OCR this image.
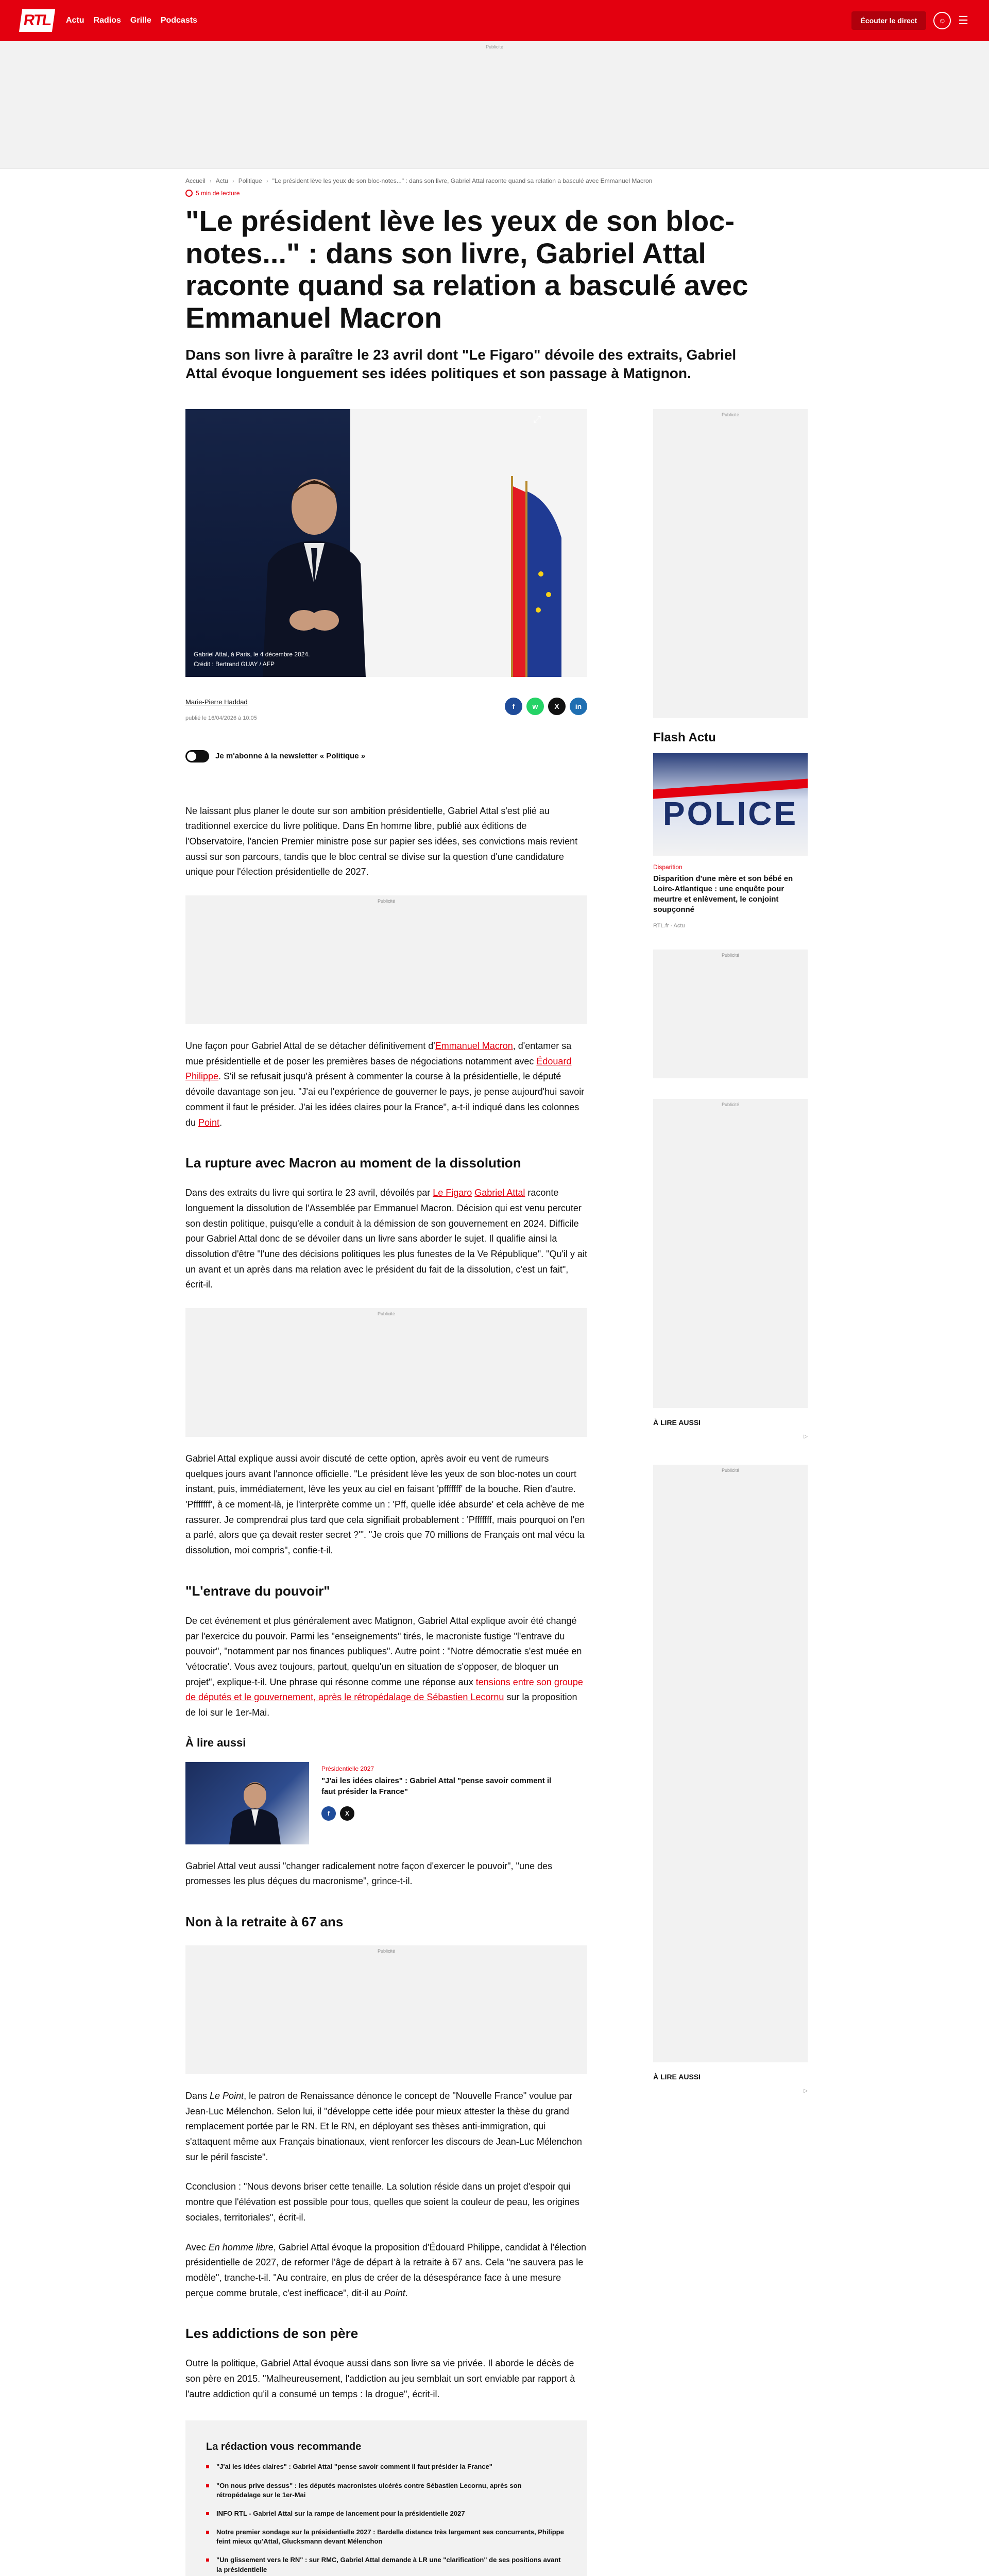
RTL	Actu Radios Grille Podcasts	Écouter le direct	☺	☰
Publicité
Accueil › Actu › Politique › "Le président lève les yeux de son bloc-notes..." : dans son livre, Gabriel Attal raconte quand sa relation a basculé avec Emmanuel Macron
5 min de lecture
"Le président lève les yeux de son bloc-notes..." : dans son livre, Gabriel Attal raconte quand sa relation a basculé avec Emmanuel Macron

Dans son livre à paraître le 23 avril dont "Le Figaro" dévoile des extraits, Gabriel Attal évoque longuement ses idées politiques et son passage à Matignon.

⤢
Gabriel Attal, à Paris, le 4 décembre 2024.
Crédit : Bertrand GUAY / AFP
Marie-Pierre Haddad
publié le 16/04/2026 à 10:05
f	w	X	in
Je m'abonne à la newsletter « Politique »

Ne laissant plus planer le doute sur son ambition présidentielle, Gabriel Attal s'est plié au traditionnel exercice du livre politique. Dans En homme libre, publié aux éditions de l'Observatoire, l'ancien Premier ministre pose sur papier ses idées, ses convictions mais revient aussi sur son parcours, tandis que le bloc central se divise sur la question d'une candidature unique pour l'élection présidentielle de 2027.

Publicité

Une façon pour Gabriel Attal de se détacher définitivement d'Emmanuel Macron, d'entamer sa mue présidentielle et de poser les premières bases de négociations notamment avec Édouard Philippe. S'il se refusait jusqu'à présent à commenter la course à la présidentielle, le député dévoile davantage son jeu. "J'ai eu l'expérience de gouverner le pays, je pense aujourd'hui savoir comment il faut le présider. J'ai les idées claires pour la France", a-t-il indiqué dans les colonnes du Point.

La rupture avec Macron au moment de la dissolution

Dans des extraits du livre qui sortira le 23 avril, dévoilés par Le Figaro Gabriel Attal raconte longuement la dissolution de l'Assemblée par Emmanuel Macron. Décision qui est venu percuter son destin politique, puisqu'elle a conduit à la démission de son gouvernement en 2024. Difficile pour Gabriel Attal donc de se dévoiler dans un livre sans aborder le sujet. Il qualifie ainsi la dissolution d'être "l'une des décisions politiques les plus funestes de la Ve République". "Qu'il y ait un avant et un après dans ma relation avec le président du fait de la dissolution, c'est un fait", écrit-il.

Publicité

Gabriel Attal explique aussi avoir discuté de cette option, après avoir eu vent de rumeurs quelques jours avant l'annonce officielle. "Le président lève les yeux de son bloc-notes un court instant, puis, immédiatement, lève les yeux au ciel en faisant 'pfffffff' de la bouche. Rien d'autre. 'Pfffffff', à ce moment-là, je l'interprète comme un : 'Pff, quelle idée absurde' et cela achève de me rassurer. Je comprendrai plus tard que cela signifiait probablement : 'Pfffffff, mais pourquoi on l'en a parlé, alors que ça devait rester secret ?'". "Je crois que 70 millions de Français ont mal vécu la dissolution, moi compris", confie-t-il.

"L'entrave du pouvoir"

De cet événement et plus généralement avec Matignon, Gabriel Attal explique avoir été changé par l'exercice du pouvoir. Parmi les "enseignements" tirés, le macroniste fustige "l'entrave du pouvoir", "notamment par nos finances publiques". Autre point : "Notre démocratie s'est muée en 'vétocratie'. Vous avez toujours, partout, quelqu'un en situation de s'opposer, de bloquer un projet", explique-t-il. Une phrase qui résonne comme une réponse aux tensions entre son groupe de députés et le gouvernement, après le rétropédalage de Sébastien Lecornu sur la proposition de loi sur le 1er-Mai.

À lire aussi
Présidentielle 2027
"J'ai les idées claires" : Gabriel Attal "pense savoir comment il faut présider la France"
f	X

Gabriel Attal veut aussi "changer radicalement notre façon d'exercer le pouvoir", "une des promesses les plus déçues du macronisme", grince-t-il.

Non à la retraite à 67 ans
Publicité

Dans Le Point, le patron de Renaissance dénonce le concept de "Nouvelle France" voulue par Jean-Luc Mélenchon. Selon lui, il "développe cette idée pour mieux attester la thèse du grand remplacement portée par le RN. Et le RN, en déployant ses thèses anti-immigration, qui s'attaquent même aux Français binationaux, vient renforcer les discours de Jean-Luc Mélenchon sur le péril fasciste".

Cconclusion : "Nous devons briser cette tenaille. La solution réside dans un projet d'espoir qui montre que l'élévation est possible pour tous, quelles que soient la couleur de peau, les origines sociales, territoriales", écrit-il.

Avec En homme libre, Gabriel Attal évoque la proposition d'Édouard Philippe, candidat à l'élection présidentielle de 2027, de reformer l'âge de départ à la retraite à 67 ans. Cela "ne sauvera pas le modèle", tranche-t-il. "Au contraire, en plus de créer de la désespérance face à une mesure perçue comme brutale, c'est inefficace", dit-il au Point.

Les addictions de son père

Outre la politique, Gabriel Attal évoque aussi dans son livre sa vie privée. Il aborde le décès de son père en 2015. "Malheureusement, l'addiction au jeu semblait un sort enviable par rapport à l'autre addiction qu'il a consumé un temps : la drogue", écrit-il.

La rédaction vous recommande
"J'ai les idées claires" : Gabriel Attal "pense savoir comment il faut présider la France"
"On nous prive dessus" : les députés macronistes ulcérés contre Sébastien Lecornu, après son rétropédalage sur le 1er-Mai
INFO RTL - Gabriel Attal sur la rampe de lancement pour la présidentielle 2027
Notre premier sondage sur la présidentielle 2027 : Bardella distance très largement ses concurrents, Philippe feint mieux qu'Attal, Glucksmann devant Mélenchon
"Un glissement vers le RN" : sur RMC, Gabriel Attal demande à LR une "clarification" de ses positions avant la présidentielle

Publicité
Flash Actu
POLICE
Disparition
Disparition d'une mère et son bébé en Loire-Atlantique : une enquête pour meurtre et enlèvement, le conjoint soupçonné
RTL.fr · Actu
Publicité
Publicité
À LIRE AUSSI
▷
Publicité
À LIRE AUSSI
▷
